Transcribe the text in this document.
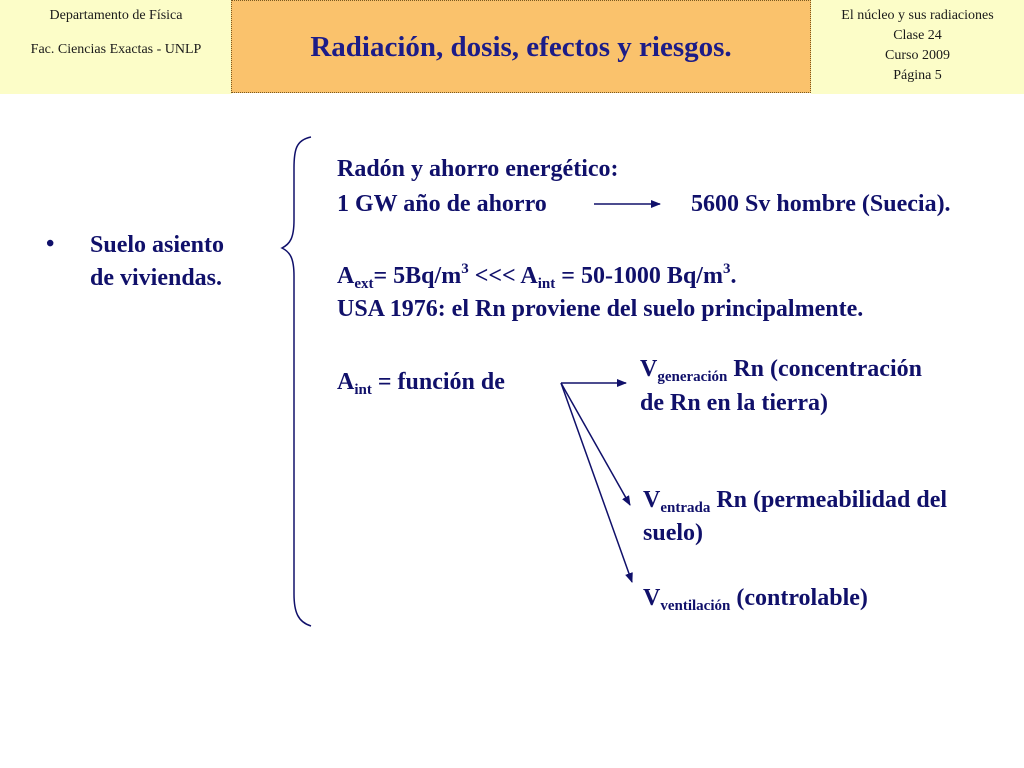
Departamento de Física
Fac. Ciencias Exactas - UNLP	Radiación, dosis, efectos y riesgos.
El núcleo y sus radiaciones
Clase 24
Curso 2009
Página 5
• Suelo asiento
de viviendas.
Radón y ahorro energético:
1 GW año de ahorro	5600 Sv hombre (Suecia).
$A_{ext}= 5Bq/m^3$ <<< $A_{int} = 50-1000$ $Bq/m^3$.
USA 1976: el Rn proviene del suelo principalmente.
$A_{int}$ = función de	$V_{generación}$ Rn (concentración
de Rn en la tierra)
$V_{entrada}$ Rn (permeabilidad del
suelo)
$V_{ventilación}$ (controlable)
